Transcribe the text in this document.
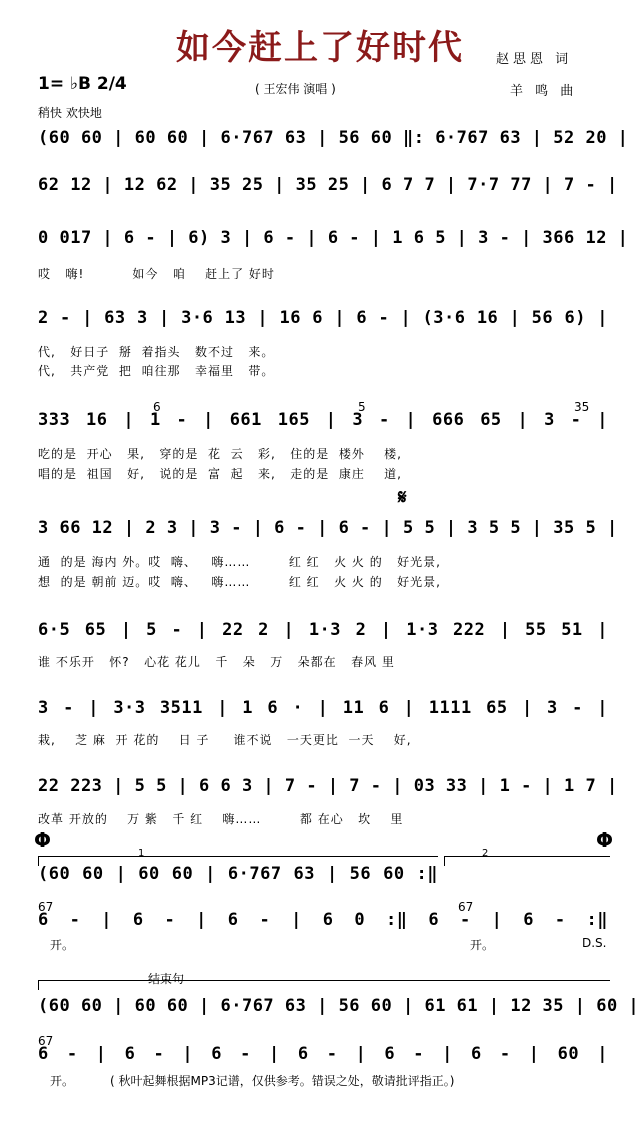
如今赶上了好时代	赵思恩 词
羊 鸣 曲
( 王宏伟 演唱 )
1= ♭B 2/4
稍快 欢快地
(60 60 | 60 60 | 6·767 63 | 56 60 ‖: 6·767 63 | 52 20 |
62 12 | 12 62 | 35 25 | 35 25 | 6 7 7 | 7·7 77 | 7 - |
0 017 | 6 - | 6) 3 | 6 - | 6 - | 1 6 5 | 3 - | 366 12 |
哎   嗨!          如今   咱    赶上了 好时
2 - | 63 3 | 3·6 13 | 16 6 | 6 - | (3·6 16 | 56 6) |
代,   好日子  掰  着指头   数不过   来。
代,   共产党  把  咱往那   幸福里   带。
6	5	35
333 16 | 1 - | 661 165 | 3 - | 666 65 | 3 - |
吃的是  开心   果,   穿的是  花  云   彩,   住的是  楼外    楼,
唱的是  祖国   好,   说的是  富  起   来,   走的是  康庄    道,
𝄋
3 66 12 | 2 3 | 3 - | 6 - | 6 - | 5 5 | 3 5 5 | 35 5 |
通  的是 海内 外。哎  嗨、   嗨……        红 红   火 火 的   好光景,
想  的是 朝前 迈。哎  嗨、   嗨……        红 红   火 火 的   好光景,
6·5 65 | 5 - | 22 2 | 1·3 2 | 1·3 222 | 55 51 |
谁 不乐开   怀?   心花 花儿   千   朵   万   朵都在   春风 里
3 - | 3·3 3511 | 1 6 · | 11 6 | 1111 65 | 3 - |
栽,    芝 麻  开 花的    日 子     谁不说   一天更比  一天    好,
22 223 | 5 5 | 6 6 3 | 7 - | 7 - | 03 33 | 1 - | 1 7 |
改革 开放的    万 紫   千 红    嗨……        都 在心   坎    里
Φ	Φ
1	2
(60 60 | 60 60 | 6·767 63 | 56 60 :‖
67	67
6 - | 6 - | 6 - | 6 0 :‖ 6 - | 6 - :‖
开。	开。	D.S.
结束句
(60 60 | 60 60 | 6·767 63 | 56 60 | 61 61 | 12 35 | 60 |
67
6 - | 6 - | 6 - | 6 - | 6 - | 6 - | 60 |
开。	( 秋叶起舞根据MP3记谱，仅供参考。错误之处，敬请批评指正。)
